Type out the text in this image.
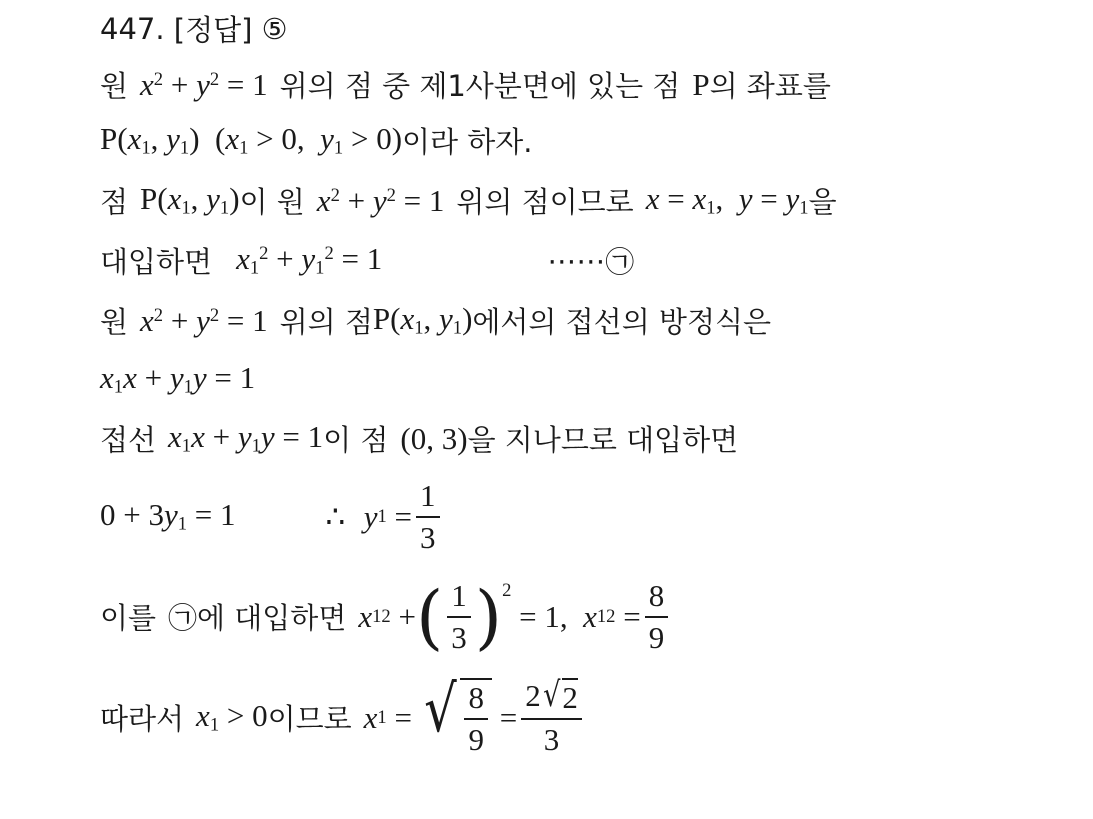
447.
[정답]
⑤
원 $x^2 + y^2 = 1$ 위의 점 중 제1사분면에 있는 점 P 의 좌표를
$P(x_1$, $y_1$)  ($x_1 > 0$,  $y_1 > 0$) 이라 하자.
점 $P(x_1$, $y_1$) 이 원 $x^2 + y^2 = 1$ 위의 점이므로 $x = x_1$,  $y = y_1$ 을
대입하면 $x_1^2 + y_1^2 = 1$	⋯⋯ ㉠
원 $x^2 + y^2 = 1$ 위의 점 $P(x_1$, $y_1$) 에서의 접선의 방정식은
$x_1x + y_1y = 1$
접선 $x_1x + y_1y = 1$ 이 점 (0, 3) 을 지나므로 대입하면
$0 + 3y_1 = 1$	∴
y $1 = \frac{1}{3}$
이를 ㉠ 에 대입하면 x 1 2 + ( $\frac{1}{3} )^2$
= 1, x 1 $2 = \frac{8}{9}$
따라서 $x_1 > 0$ 이므로 x 1 = √ $\frac{8}{9} = \frac{2 √ 2}{3}$
